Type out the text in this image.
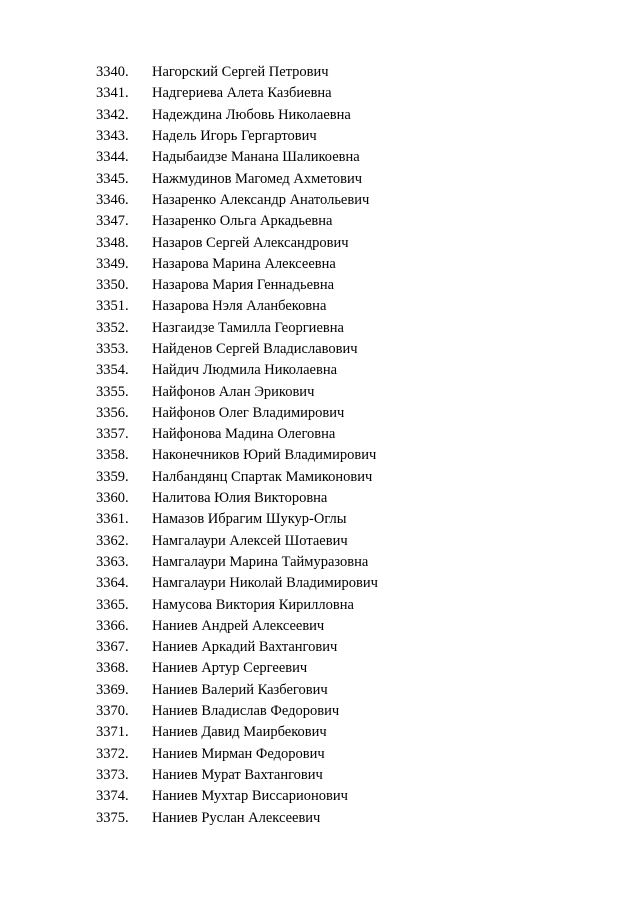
3340.	Нагорский Сергей Петрович
3341.	Надгериева Алета Казбиевна
3342.	Надеждина Любовь Николаевна
3343.	Надель Игорь Гергартович
3344.	Надыбаидзе Манана Шаликоевна
3345.	Нажмудинов Магомед Ахметович
3346.	Назаренко Александр Анатольевич
3347.	Назаренко Ольга Аркадьевна
3348.	Назаров Сергей Александрович
3349.	Назарова Марина Алексеевна
3350.	Назарова Мария Геннадьевна
3351.	Назарова Нэля Аланбековна
3352.	Назгаидзе Тамилла Георгиевна
3353.	Найденов Сергей Владиславович
3354.	Найдич Людмила Николаевна
3355.	Найфонов Алан Эрикович
3356.	Найфонов Олег Владимирович
3357.	Найфонова Мадина Олеговна
3358.	Наконечников Юрий Владимирович
3359.	Налбандянц Спартак Мамиконович
3360.	Налитова Юлия Викторовна
3361.	Намазов Ибрагим Шукур-Оглы
3362.	Намгалаури Алексей Шотаевич
3363.	Намгалаури Марина Таймуразовна
3364.	Намгалаури Николай Владимирович
3365.	Намусова Виктория Кирилловна
3366.	Наниев Андрей Алексеевич
3367.	Наниев Аркадий Вахтангович
3368.	Наниев Артур Сергеевич
3369.	Наниев Валерий Казбегович
3370.	Наниев Владислав Федорович
3371.	Наниев Давид Маирбекович
3372.	Наниев Мирман Федорович
3373.	Наниев Мурат Вахтангович
3374.	Наниев Мухтар Виссарионович
3375.	Наниев Руслан Алексеевич
